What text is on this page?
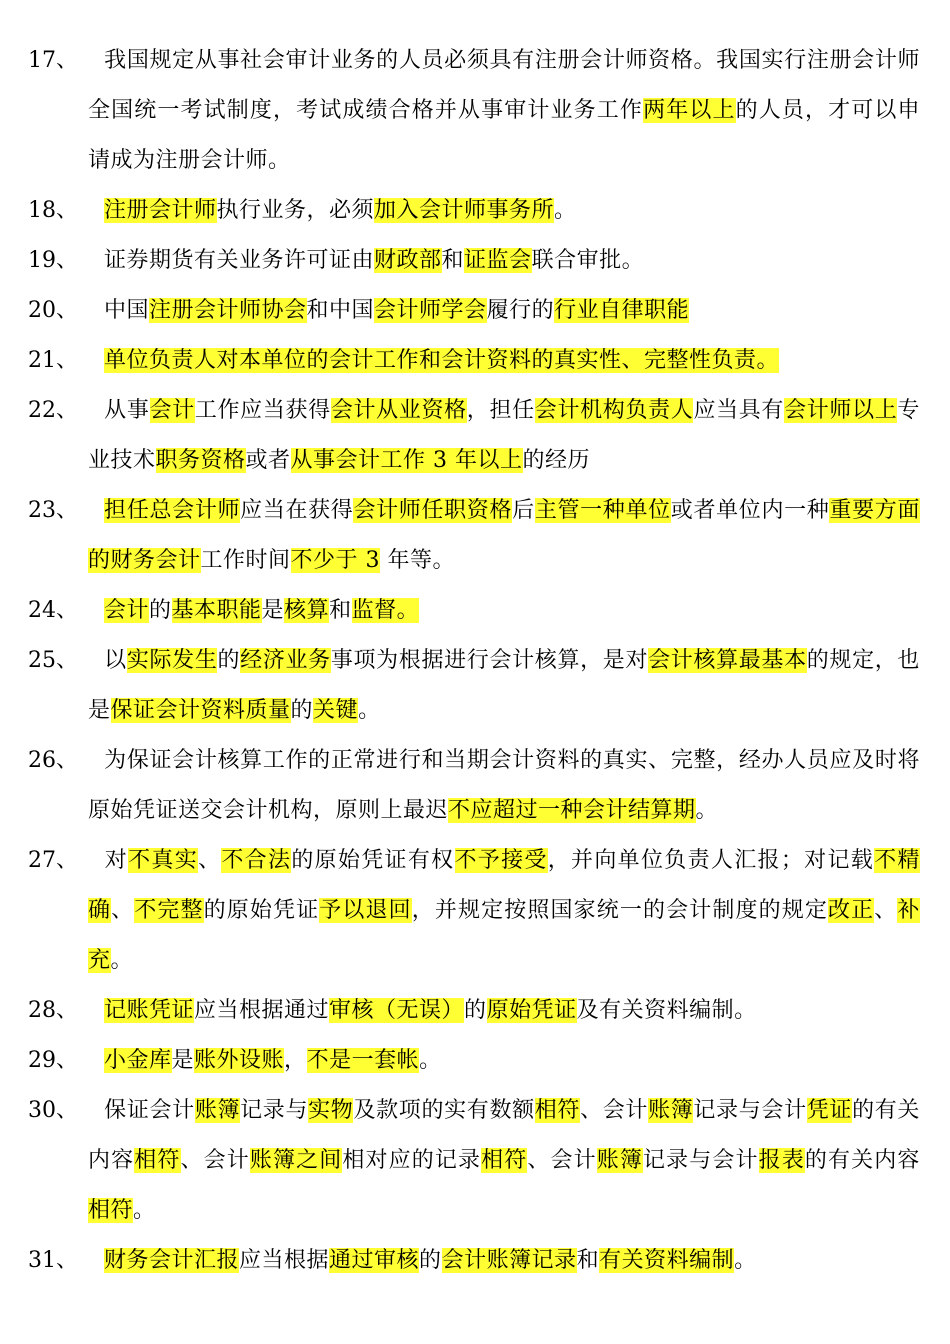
17、	我国规定从事社会审计业务的人员必须具有注册会计师资格。我国实行注册会计师全国统一考试制度，考试成绩合格并从事审计业务工作两年以上的人员，才可以申请成为注册会计师。
18、	注册会计师执行业务，必须加入会计师事务所。
19、	证券期货有关业务许可证由财政部和证监会联合审批。
20、	中国注册会计师协会和中国会计师学会履行的行业自律职能
21、	单位负责人对本单位的会计工作和会计资料的真实性、完整性负责。
22、	从事会计工作应当获得会计从业资格，担任会计机构负责人应当具有会计师以上专业技术职务资格或者从事会计工作 3 年以上的经历
23、	担任总会计师应当在获得会计师任职资格后主管一种单位或者单位内一种重要方面的财务会计工作时间不少于 3 年等。
24、	会计的基本职能是核算和监督。
25、	以实际发生的经济业务事项为根据进行会计核算，是对会计核算最基本的规定，也是保证会计资料质量的关键。
26、	为保证会计核算工作的正常进行和当期会计资料的真实、完整，经办人员应及时将原始凭证送交会计机构，原则上最迟不应超过一种会计结算期。
27、	对不真实、不合法的原始凭证有权不予接受，并向单位负责人汇报；对记载不精确、不完整的原始凭证予以退回，并规定按照国家统一的会计制度的规定改正、补充。
28、	记账凭证应当根据通过审核（无误）的原始凭证及有关资料编制。
29、	小金库是账外设账，不是一套帐。
30、	保证会计账簿记录与实物及款项的实有数额相符、会计账簿记录与会计凭证的有关内容相符、会计账簿之间相对应的记录相符、会计账簿记录与会计报表的有关内容相符。
31、	财务会计汇报应当根据通过审核的会计账簿记录和有关资料编制。
